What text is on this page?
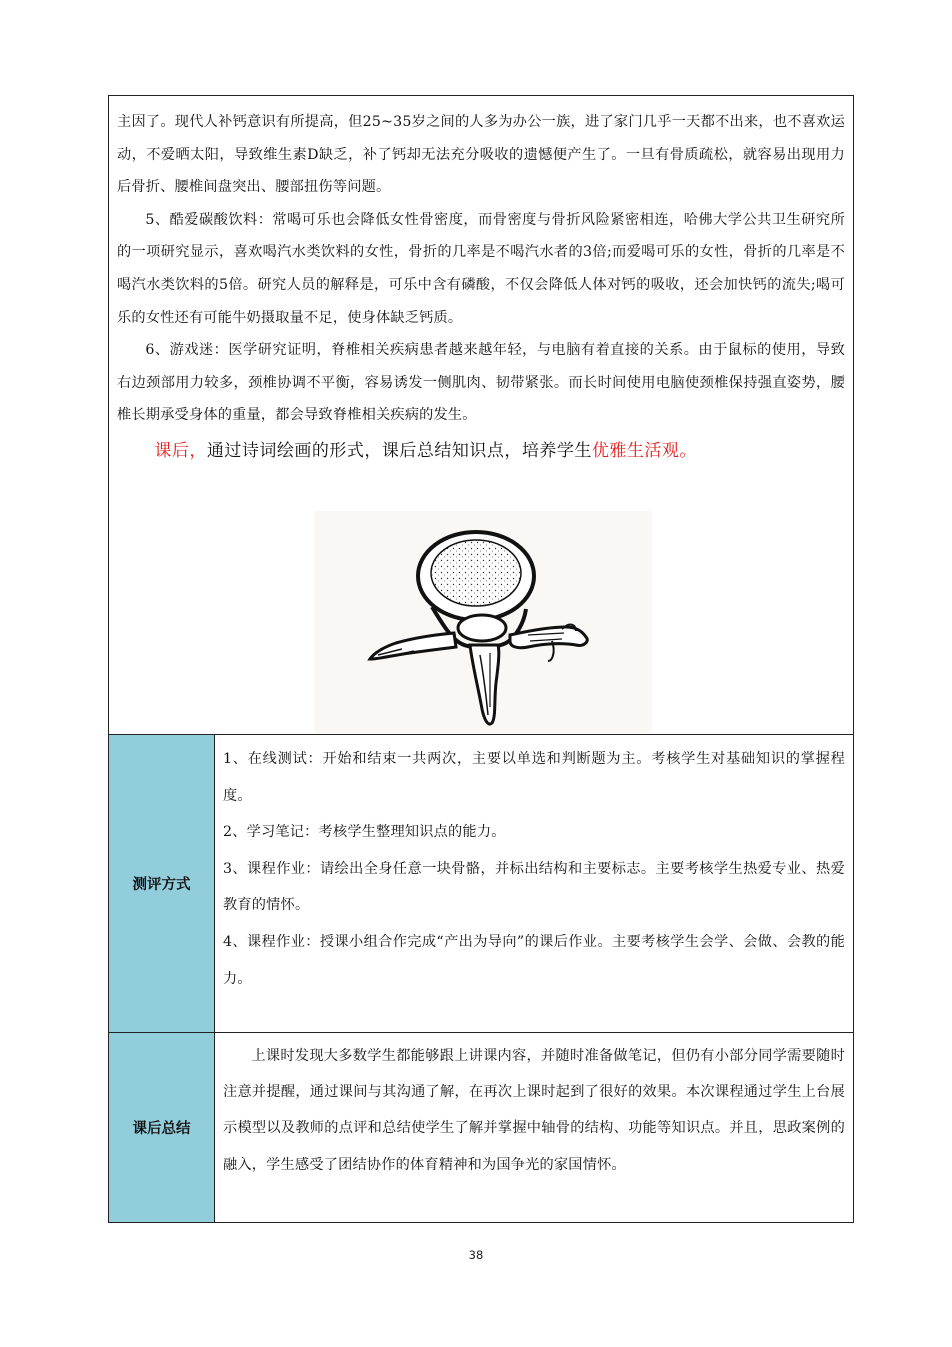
主因了。现代人补钙意识有所提高，但25~35岁之间的人多为办公一族，进了家门几乎一天都不出来，也不喜欢运动，不爱晒太阳，导致维生素D缺乏，补了钙却无法充分吸收的遗憾便产生了。一旦有骨质疏松，就容易出现用力后骨折、腰椎间盘突出、腰部扭伤等问题。

5、酷爱碳酸饮料：常喝可乐也会降低女性骨密度，而骨密度与骨折风险紧密相连，哈佛大学公共卫生研究所的一项研究显示，喜欢喝汽水类饮料的女性，骨折的几率是不喝汽水者的3倍;而爱喝可乐的女性，骨折的几率是不喝汽水类饮料的5倍。研究人员的解释是，可乐中含有磷酸，不仅会降低人体对钙的吸收，还会加快钙的流失;喝可乐的女性还有可能牛奶摄取量不足，使身体缺乏钙质。

6、游戏迷：医学研究证明，脊椎相关疾病患者越来越年轻，与电脑有着直接的关系。由于鼠标的使用，导致右边颈部用力较多，颈椎协调不平衡，容易诱发一侧肌肉、韧带紧张。而长时间使用电脑使颈椎保持强直姿势，腰椎长期承受身体的重量，都会导致脊椎相关疾病的发生。

课后，通过诗词绘画的形式，课后总结知识点，培养学生优雅生活观。

测评方式

1、在线测试：开始和结束一共两次，主要以单选和判断题为主。考核学生对基础知识的掌握程度。

2、学习笔记：考核学生整理知识点的能力。

3、课程作业：请绘出全身任意一块骨骼，并标出结构和主要标志。主要考核学生热爱专业、热爱教育的情怀。

4、课程作业：授课小组合作完成“产出为导向”的课后作业。主要考核学生会学、会做、会教的能力。

课后总结

上课时发现大多数学生都能够跟上讲课内容，并随时准备做笔记，但仍有小部分同学需要随时注意并提醒，通过课间与其沟通了解，在再次上课时起到了很好的效果。本次课程通过学生上台展示模型以及教师的点评和总结使学生了解并掌握中轴骨的结构、功能等知识点。并且，思政案例的融入，学生感受了团结协作的体育精神和为国争光的家国情怀。

38
